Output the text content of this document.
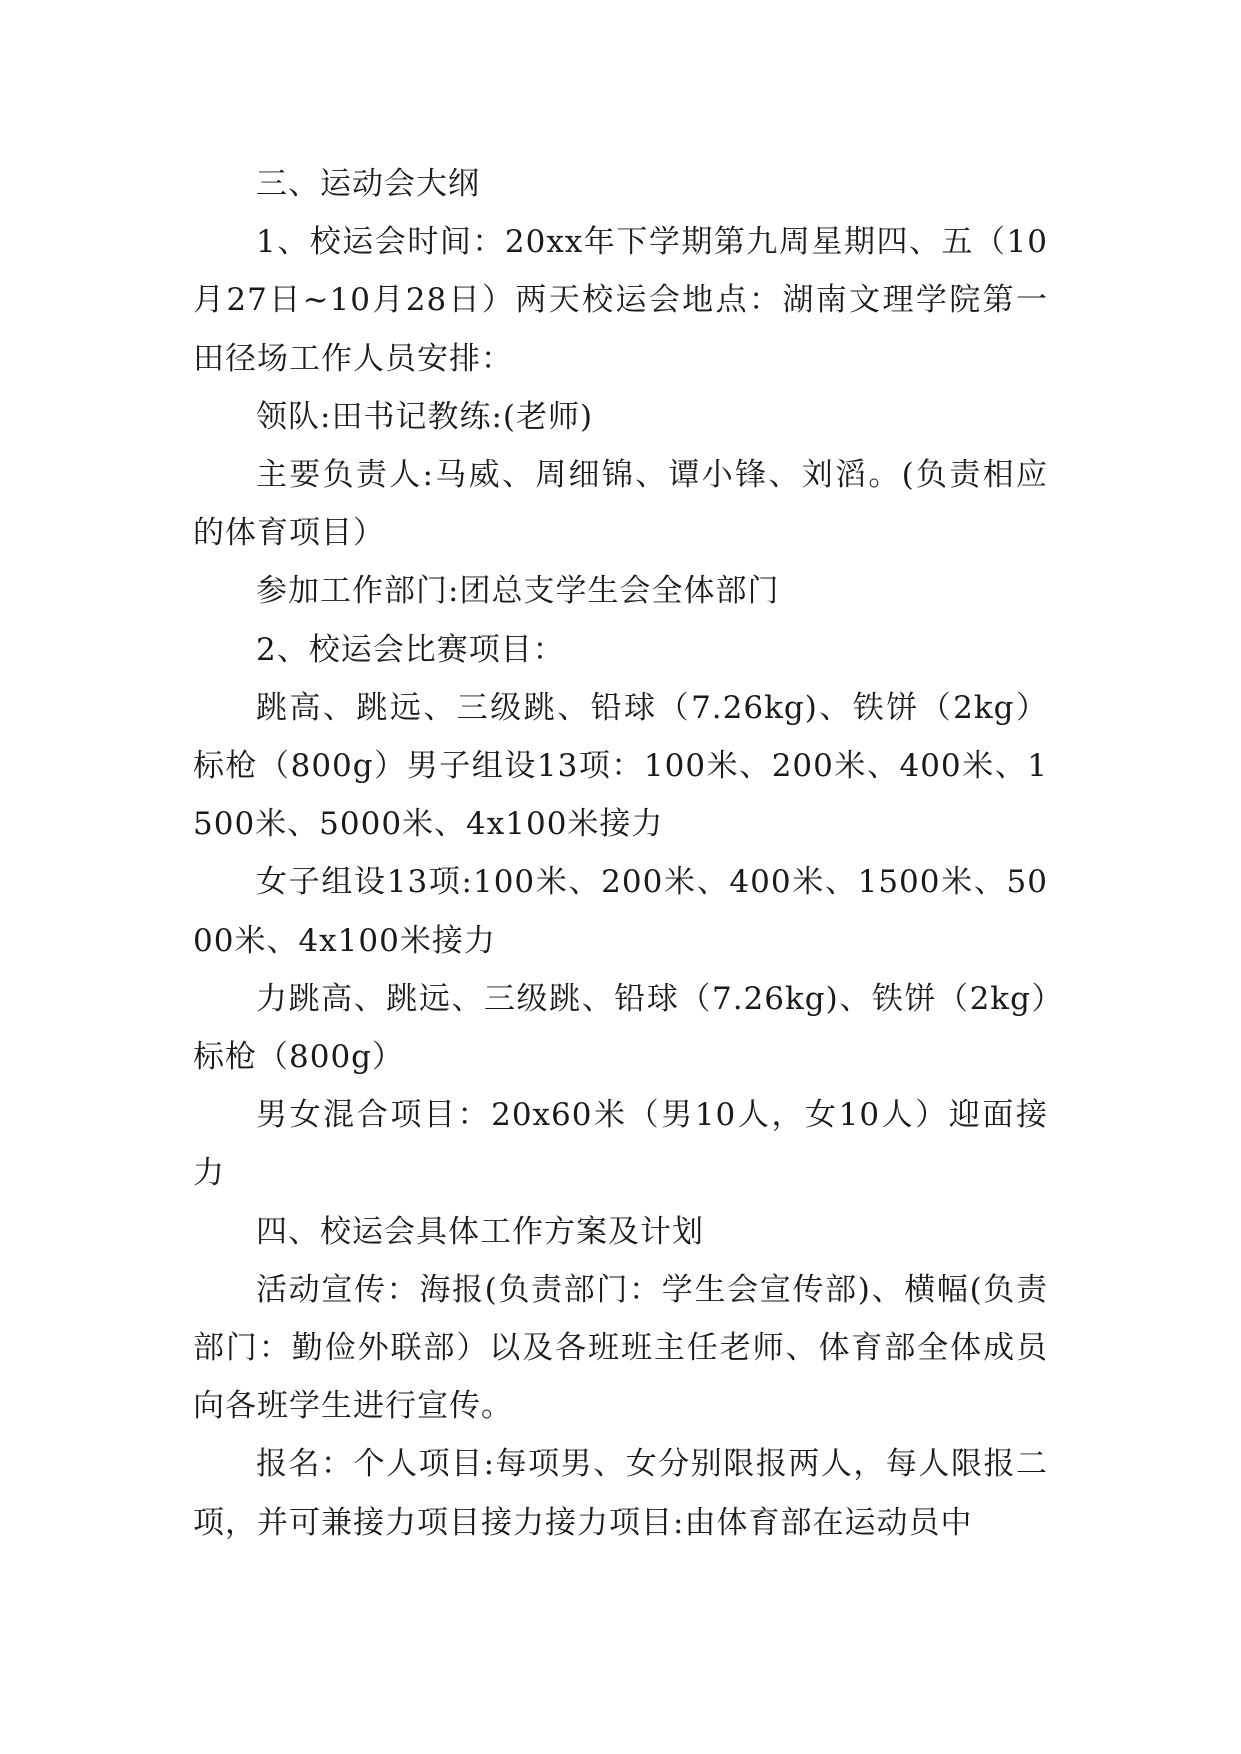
三、运动会大纲

1、校运会时间：20xx年下学期第九周星期四、五（10月27日~10月28日）两天校运会地点：湖南文理学院第一田径场工作人员安排：

领队:田书记教练:(老师)

主要负责人:马威、周细锦、谭小锋、刘滔。(负责相应的体育项目）

参加工作部门:团总支学生会全体部门

2、校运会比赛项目：

跳高、跳远、三级跳、铅球（7.26kg)、铁饼（2kg）标枪（800g）男子组设13项：100米、200米、400米、1500米、5000米、4x100米接力

女子组设13项:100米、200米、400米、1500米、5000米、4x100米接力

力跳高、跳远、三级跳、铅球（7.26kg)、铁饼（2kg）标枪（800g）

男女混合项目：20x60米（男10人，女10人）迎面接力

四、校运会具体工作方案及计划

活动宣传：海报(负责部门：学生会宣传部)、横幅(负责部门：勤俭外联部）以及各班班主任老师、体育部全体成员向各班学生进行宣传。

报名：个人项目:每项男、女分别限报两人，每人限报二项，并可兼接力项目接力接力项目:由体育部在运动员中
